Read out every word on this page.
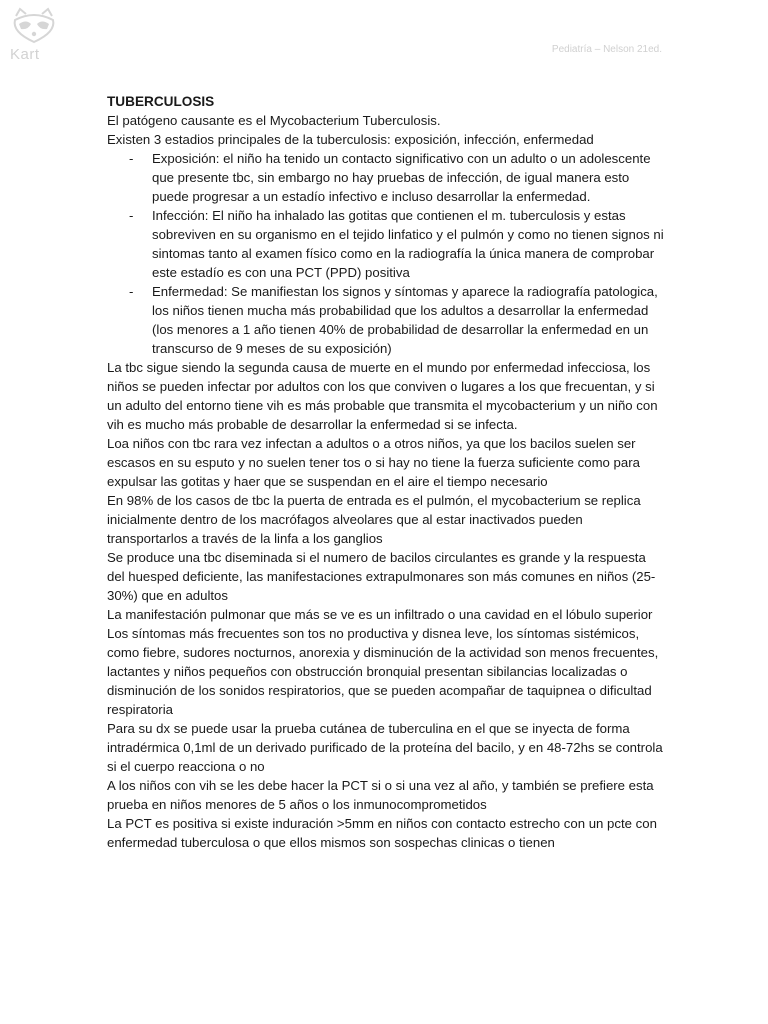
Kart	Pediatría – Nelson 21ed.
TUBERCULOSIS

El patógeno causante es el Mycobacterium Tuberculosis.

Existen 3 estadios principales de la tuberculosis: exposición, infección, enfermedad

- Exposición: el niño ha tenido un contacto significativo con un adulto o un adolescente que presente tbc, sin embargo no hay pruebas de infección, de igual manera esto puede progresar a un estadío infectivo e incluso desarrollar la enfermedad.
- Infección: El niño ha inhalado las gotitas que contienen el m. tuberculosis y estas sobreviven en su organismo en el tejido linfatico y el pulmón y como no tienen signos ni sintomas tanto al examen físico como en la radiografía la única manera de comprobar este estadío es con una PCT (PPD) positiva
- Enfermedad: Se manifiestan los signos y síntomas y aparece la radiografía patologica, los niños tienen mucha más probabilidad que los adultos a desarrollar la enfermedad (los menores a 1 año tienen 40% de probabilidad de desarrollar la enfermedad en un transcurso de 9 meses de su exposición)

La tbc sigue siendo la segunda causa de muerte en el mundo por enfermedad infecciosa, los niños se pueden infectar por adultos con los que conviven o lugares a los que frecuentan, y si un adulto del entorno tiene vih es más probable que transmita el mycobacterium y un niño con vih es mucho más probable de desarrollar la enfermedad si se infecta.

Loa niños con tbc rara vez infectan a adultos o a otros niños, ya que los bacilos suelen ser escasos en su esputo y no suelen tener tos o si hay no tiene la fuerza suficiente como para expulsar las gotitas y haer que se suspendan en el aire el tiempo necesario

En 98% de los casos de tbc la puerta de entrada es el pulmón, el mycobacterium se replica inicialmente dentro de los macrófagos alveolares que al estar inactivados pueden transportarlos a través de la linfa a los ganglios

Se produce una tbc diseminada si el numero de bacilos circulantes es grande y la respuesta del huesped deficiente, las manifestaciones extrapulmonares son más comunes en niños (25-30%) que en adultos

La manifestación pulmonar que más se ve es un infiltrado o una cavidad en el lóbulo superior

Los síntomas más frecuentes son tos no productiva y disnea leve, los síntomas sistémicos, como fiebre, sudores nocturnos, anorexia y disminución de la actividad son menos frecuentes, lactantes y niños pequeños con obstrucción bronquial presentan sibilancias localizadas o disminución de los sonidos respiratorios, que se pueden acompañar de taquipnea o dificultad respiratoria

Para su dx se puede usar la prueba cutánea de tuberculina en el que se inyecta de forma intradérmica 0,1ml de un derivado purificado de la proteína del bacilo, y en 48-72hs se controla si el cuerpo reacciona o no

A los niños con vih se les debe hacer la PCT si o si una vez al año, y también se prefiere esta prueba en niños menores de 5 años o los inmunocomprometidos

La PCT es positiva si existe induración >5mm en niños con contacto estrecho con un pcte con enfermedad tuberculosa o que ellos mismos son sospechas clinicas o tienen
